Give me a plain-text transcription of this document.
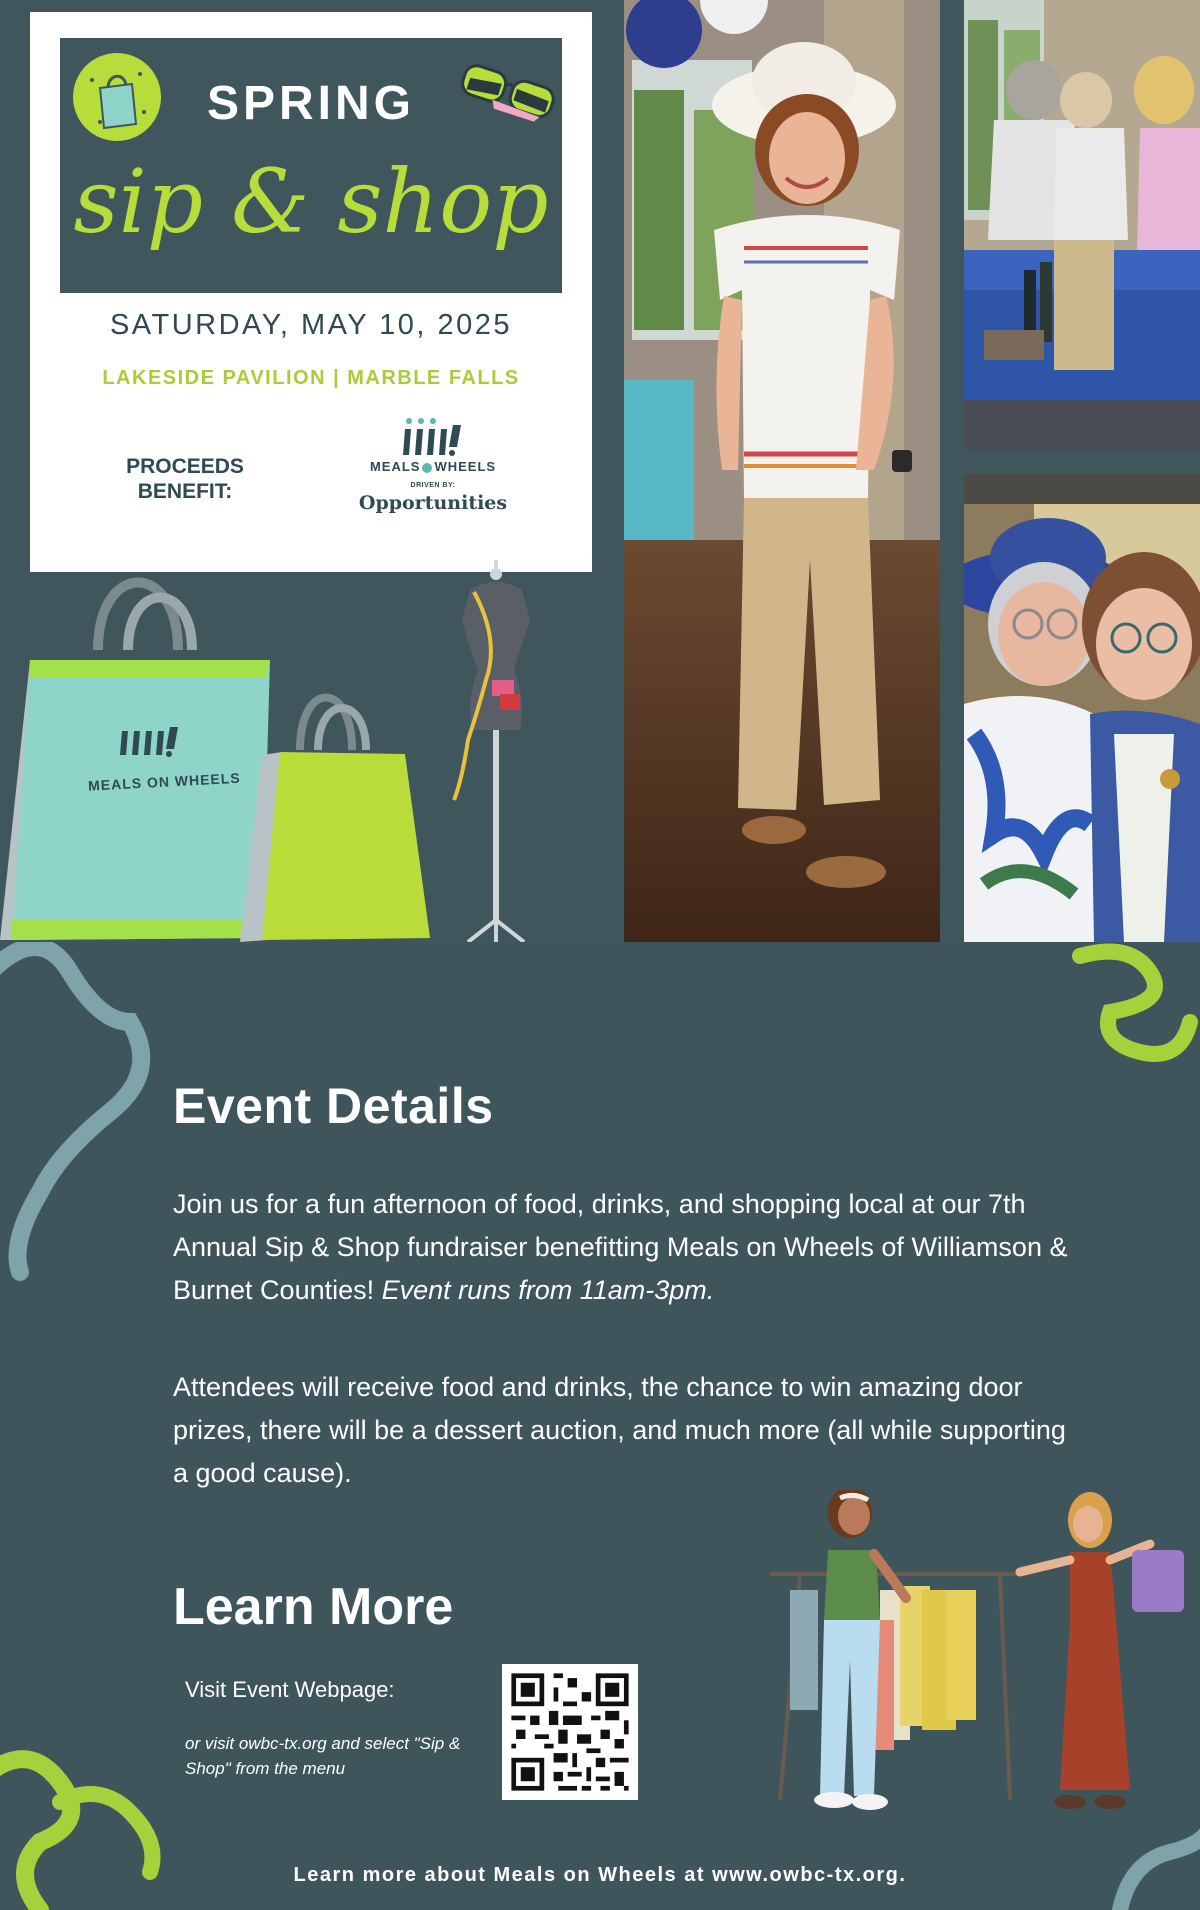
SPRING
sip & shop
SATURDAY, MAY 10, 2025
LAKESIDE PAVILION | MARBLE FALLS
PROCEEDS
BENEFIT:
MEALS WHEELS
DRIVEN BY:
Opportunities
MEALS ON WHEELS
Event Details

Join us for a fun afternoon of food, drinks, and shopping local at our 7th Annual Sip & Shop fundraiser benefitting Meals on Wheels of Williamson & Burnet Counties! Event runs from 11am-3pm.

Attendees will receive food and drinks, the chance to win amazing door prizes, there will be a dessert auction, and much more (all while supporting a good cause).

Learn More
Visit Event Webpage:
or visit owbc-tx.org and select "Sip & Shop" from the menu
Learn more about Meals on Wheels at www.owbc-tx.org.
